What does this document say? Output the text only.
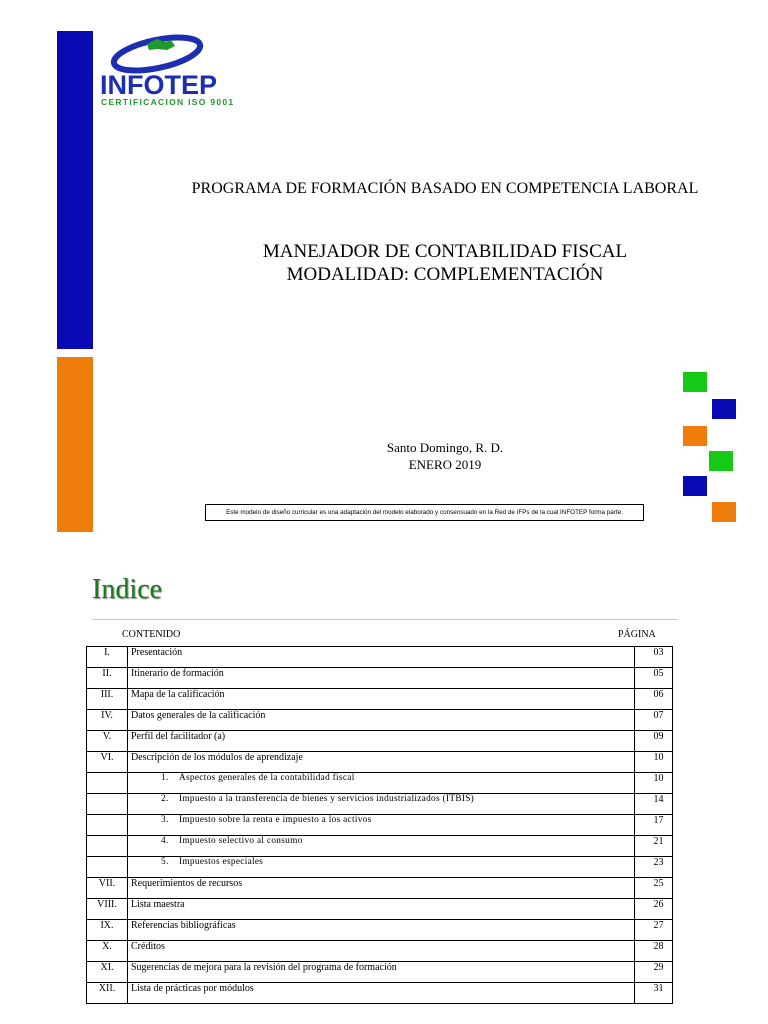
INFOTEP
CERTIFICACION ISO 9001
PROGRAMA DE FORMACIÓN BASADO EN COMPETENCIA LABORAL
MANEJADOR DE CONTABILIDAD FISCAL
MODALIDAD: COMPLEMENTACIÓN
Santo Domingo, R. D.
ENERO 2019
Este modelo de diseño curricular es una adaptación del modelo elaborado y consensuado en la Red de IFPs de la cual INFOTEP forma parte.
Indice
CONTENIDO	PÁGINA
I.	Presentación	03
II.	Itinerario de formación	05
III.	Mapa de la calificación	06
IV.	Datos generales de la calificación	07
V.	Perfil del facilitador (a)	09
VI.	Descripción de los módulos de aprendizaje	10
	1. Aspectos generales de la contabilidad fiscal	10
	2. Impuesto a la transferencia de bienes y servicios industrializados (ITBIS)	14
	3. Impuesto sobre la renta e impuesto a los activos	17
	4. Impuesto selectivo al consumo	21
	5. Impuestos especiales	23
VII.	Requerimientos de recursos	25
VIII.	Lista maestra	26
IX.	Referencias bibliográficas	27
X.	Créditos	28
XI.	Sugerencias de mejora para la revisión del programa de formación	29
XII.	Lista de prácticas por módulos	31
